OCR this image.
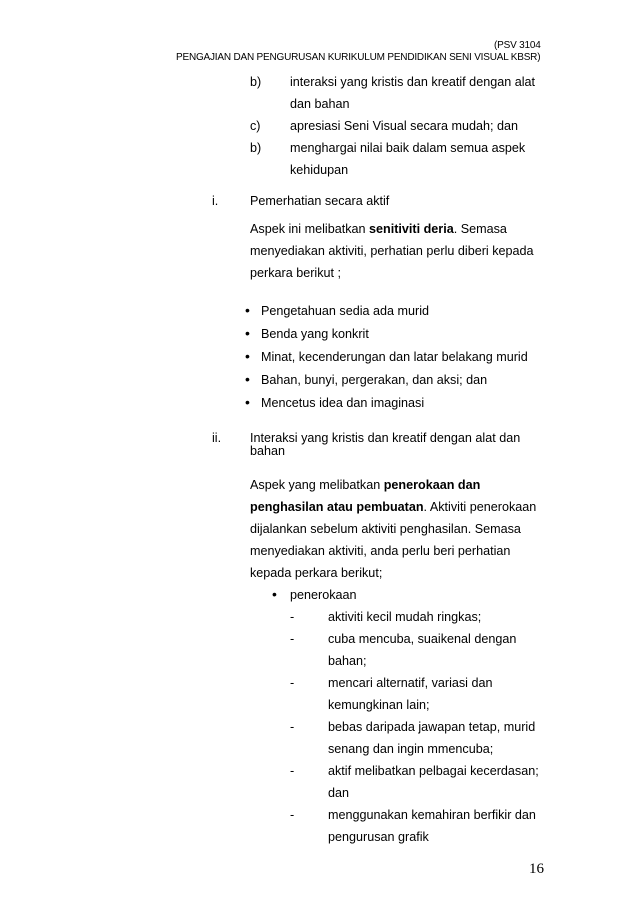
(PSV 3104
PENGAJIAN DAN PENGURUSAN KURIKULUM PENDIDIKAN SENI VISUAL KBSR)
b) interaksi yang kristis dan kreatif dengan alat
dan bahan
c) apresiasi Seni Visual secara mudah; dan
b) menghargai nilai baik dalam semua aspek
kehidupan
i.	Pemerhatian secara aktif
Aspek ini melibatkan senitiviti deria. Semasa
menyediakan aktiviti, perhatian perlu diberi kepada
perkara berikut ;
• Pengetahuan sedia ada murid
• Benda yang konkrit
• Minat, kecenderungan dan latar belakang murid
• Bahan, bunyi, pergerakan, dan aksi; dan
• Mencetus idea dan imaginasi
ii. Interaksi yang kristis dan kreatif dengan alat dan
bahan
Aspek yang melibatkan penerokaan dan
penghasilan atau pembuatan. Aktiviti penerokaan
dijalankan sebelum aktiviti penghasilan. Semasa
menyediakan aktiviti, anda perlu beri perhatian
kepada perkara berikut;
• penerokaan
-	aktiviti kecil mudah ringkas;
-	cuba mencuba, suaikenal dengan
bahan;
-	mencari alternatif, variasi dan
kemungkinan lain;
-	bebas daripada jawapan tetap, murid
senang dan ingin mmencuba;
-	aktif melibatkan pelbagai kecerdasan;
dan
-	menggunakan kemahiran berfikir dan
pengurusan grafik
16
